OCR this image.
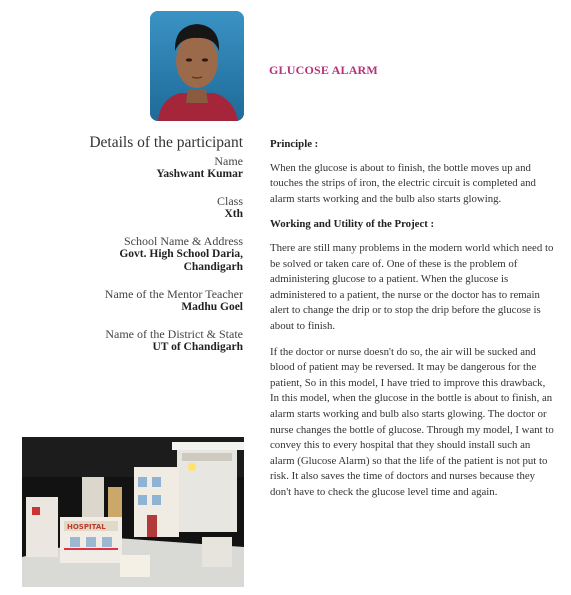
GLUCOSE ALARM
Details of the participant
Name
Yashwant Kumar
Class
Xth
School Name & Address
Govt. High School Daria,
Chandigarh
Name of the Mentor Teacher
Madhu Goel
Name of the District & State
UT of Chandigarh
Principle :

When the glucose is about to finish, the bottle moves up and touches the strips of iron, the electric circuit is completed and alarm starts working and the bulb also starts glowing.

Working and Utility of the Project :

There are still many problems in the modern world which need to be solved or taken care of. One of these is the problem of administering glucose to a patient. When the glucose is administered to a patient, the nurse or the doctor has to remain alert to change the drip or to stop the drip before the glucose is about to finish.

If the doctor or nurse doesn't do so, the air will be sucked and blood of patient may be reversed. It may be dangerous for the patient, So in this model, I have tried to improve this drawback, In this model, when the glucose in the bottle is about to finish, an alarm starts working and bulb also starts glowing. The doctor or nurse changes the bottle of glucose. Through my model, I want to convey this to every hospital that they should install such an alarm (Glucose Alarm) so that the life of the patient is not put to risk. It also saves the time of doctors and nurses because they don't have to check the glucose level time and again.

HOSPITAL
